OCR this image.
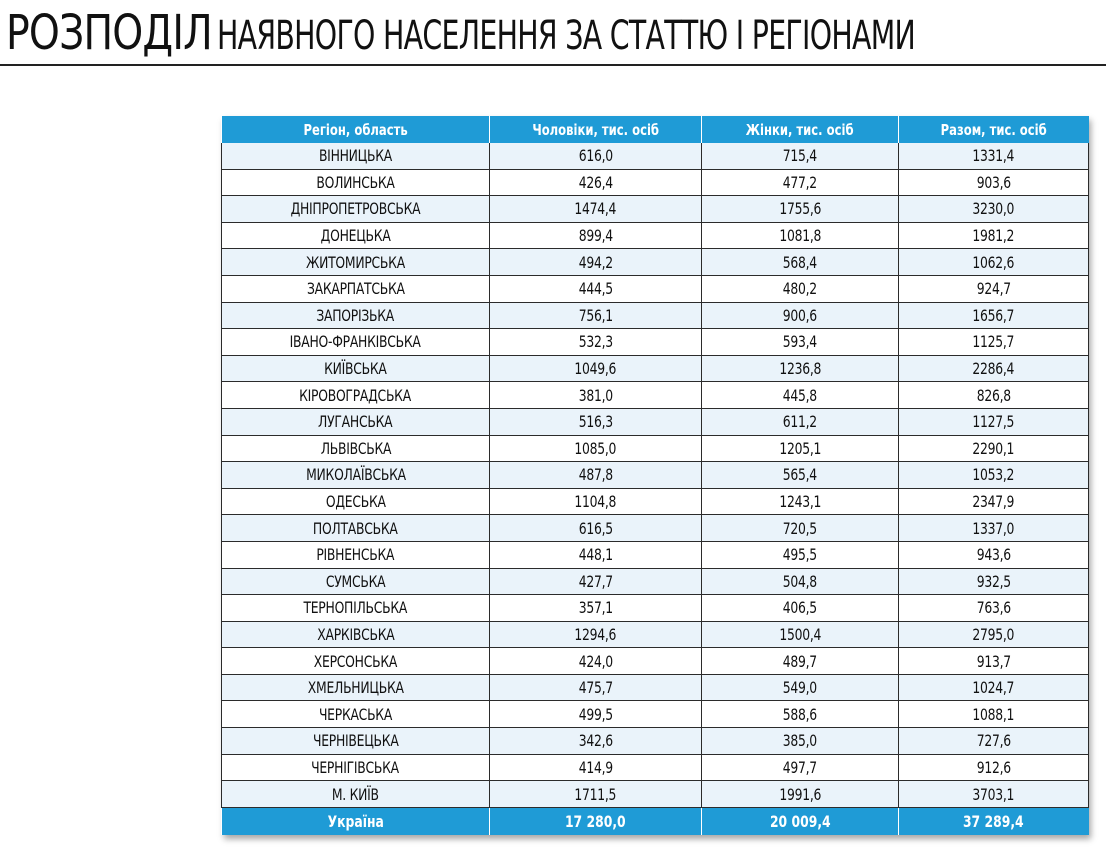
РОЗПОДІЛ НАЯВНОГО НАСЕЛЕННЯ ЗА СТАТТЮ І РЕГІОНАМИ
Регіон, область	Чоловіки, тис. осіб	Жінки, тис. осіб	Разом, тис. осіб
ВІННИЦЬКА	616,0	715,4	1331,4
ВОЛИНСЬКА	426,4	477,2	903,6
ДНІПРОПЕТРОВСЬКА	1474,4	1755,6	3230,0
ДОНЕЦЬКА	899,4	1081,8	1981,2
ЖИТОМИРСЬКА	494,2	568,4	1062,6
ЗАКАРПАТСЬКА	444,5	480,2	924,7
ЗАПОРІЗЬКА	756,1	900,6	1656,7
ІВАНО-ФРАНКІВСЬКА	532,3	593,4	1125,7
КИЇВСЬКА	1049,6	1236,8	2286,4
КІРОВОГРАДСЬКА	381,0	445,8	826,8
ЛУГАНСЬКА	516,3	611,2	1127,5
ЛЬВІВСЬКА	1085,0	1205,1	2290,1
МИКОЛАЇВСЬКА	487,8	565,4	1053,2
ОДЕСЬКА	1104,8	1243,1	2347,9
ПОЛТАВСЬКА	616,5	720,5	1337,0
РІВНЕНСЬКА	448,1	495,5	943,6
СУМСЬКА	427,7	504,8	932,5
ТЕРНОПІЛЬСЬКА	357,1	406,5	763,6
ХАРКІВСЬКА	1294,6	1500,4	2795,0
ХЕРСОНСЬКА	424,0	489,7	913,7
ХМЕЛЬНИЦЬКА	475,7	549,0	1024,7
ЧЕРКАСЬКА	499,5	588,6	1088,1
ЧЕРНІВЕЦЬКА	342,6	385,0	727,6
ЧЕРНІГІВСЬКА	414,9	497,7	912,6
М. КИЇВ	1711,5	1991,6	3703,1
Україна	17 280,0	20 009,4	37 289,4
